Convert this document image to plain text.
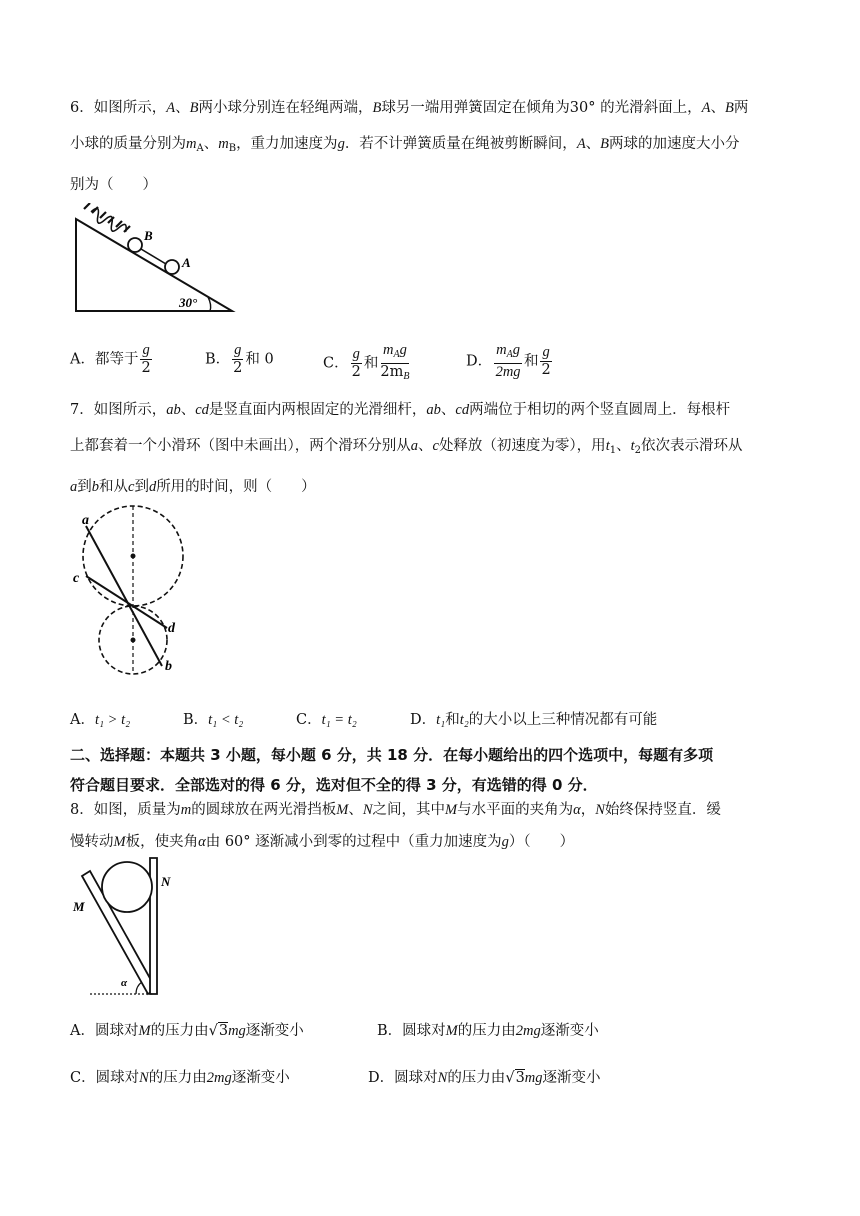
6．如图所示，A、B两小球分别连在轻绳两端，B球另一端用弹簧固定在倾角为30° 的光滑斜面上，A、B两
小球的质量分别为$m_A$、$m_B$，重力加速度为g．若不计弹簧质量在绳被剪断瞬间，A、B两球的加速度大小分
别为（　　）
B
A
30°
A．都等于 $\frac{g}{2}$	B． $\frac{g}{2}$ 和 0	C． $\frac{g}{2}$ 和 $\frac{m_Ag}{2m_B}$	D． $\frac{m_Ag}{2mg}$ 和 $\frac{g}{2}$
7．如图所示，ab、cd是竖直面内两根固定的光滑细杆，ab、cd两端位于相切的两个竖直圆周上．每根杆
上都套着一个小滑环（图中未画出），两个滑环分别从a、c处释放（初速度为零），用$t_1$、$t_2$依次表示滑环从
a到b和从c到d所用的时间，则（　　）
a
c
d
b
A．t₁ > t₂	B．t₁ < t₂	C．t₁ = t₂	D．t₁和t₂的大小以上三种情况都有可能
二、选择题：本题共 3 小题，每小题 6 分，共 18 分．在每小题给出的四个选项中，每题有多项
符合题目要求．全部选对的得 6 分，选对但不全的得 3 分，有选错的得 0 分．
8．如图，质量为m的圆球放在两光滑挡板M、N之间，其中M与水平面的夹角为α，N始终保持竖直．缓
慢转动M板，使夹角α由 60° 逐渐减小到零的过程中（重力加速度为g）（　　）
M
N
α
A．圆球对M的压力由√3mg逐渐变小	B．圆球对M的压力由2mg逐渐变小
C．圆球对N的压力由2mg逐渐变小	D．圆球对N的压力由√3mg逐渐变小
